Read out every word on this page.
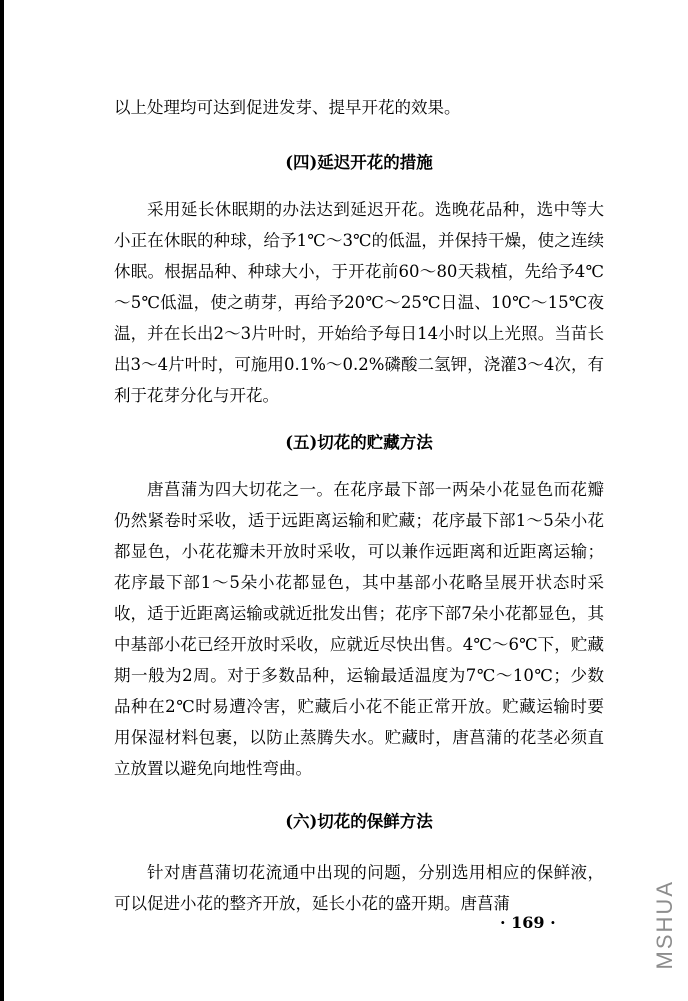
以上处理均可达到促进发芽、提早开花的效果。

(四)延迟开花的措施

采用延长休眠期的办法达到延迟开花。选晚花品种，选中等大小正在休眠的种球，给予1℃～3℃的低温，并保持干燥，使之连续休眠。根据品种、种球大小，于开花前60～80天栽植，先给予4℃～5℃低温，使之萌芽，再给予20℃～25℃日温、10℃～15℃夜温，并在长出2～3片叶时，开始给予每日14小时以上光照。当苗长出3～4片叶时，可施用0.1%～0.2%磷酸二氢钾，浇灌3～4次，有利于花芽分化与开花。

(五)切花的贮藏方法

唐菖蒲为四大切花之一。在花序最下部一两朵小花显色而花瓣仍然紧卷时采收，适于远距离运输和贮藏；花序最下部1～5朵小花都显色，小花花瓣未开放时采收，可以兼作远距离和近距离运输；花序最下部1～5朵小花都显色，其中基部小花略呈展开状态时采收，适于近距离运输或就近批发出售；花序下部7朵小花都显色，其中基部小花已经开放时采收，应就近尽快出售。4℃～6℃下，贮藏期一般为2周。对于多数品种，运输最适温度为7℃～10℃；少数品种在2℃时易遭冷害，贮藏后小花不能正常开放。贮藏运输时要用保湿材料包裹，以防止蒸腾失水。贮藏时，唐菖蒲的花茎必须直立放置以避免向地性弯曲。

(六)切花的保鲜方法

针对唐菖蒲切花流通中出现的问题，分别选用相应的保鲜液，可以促进小花的整齐开放，延长小花的盛开期。唐菖蒲

· 169 ·	MSHUA
